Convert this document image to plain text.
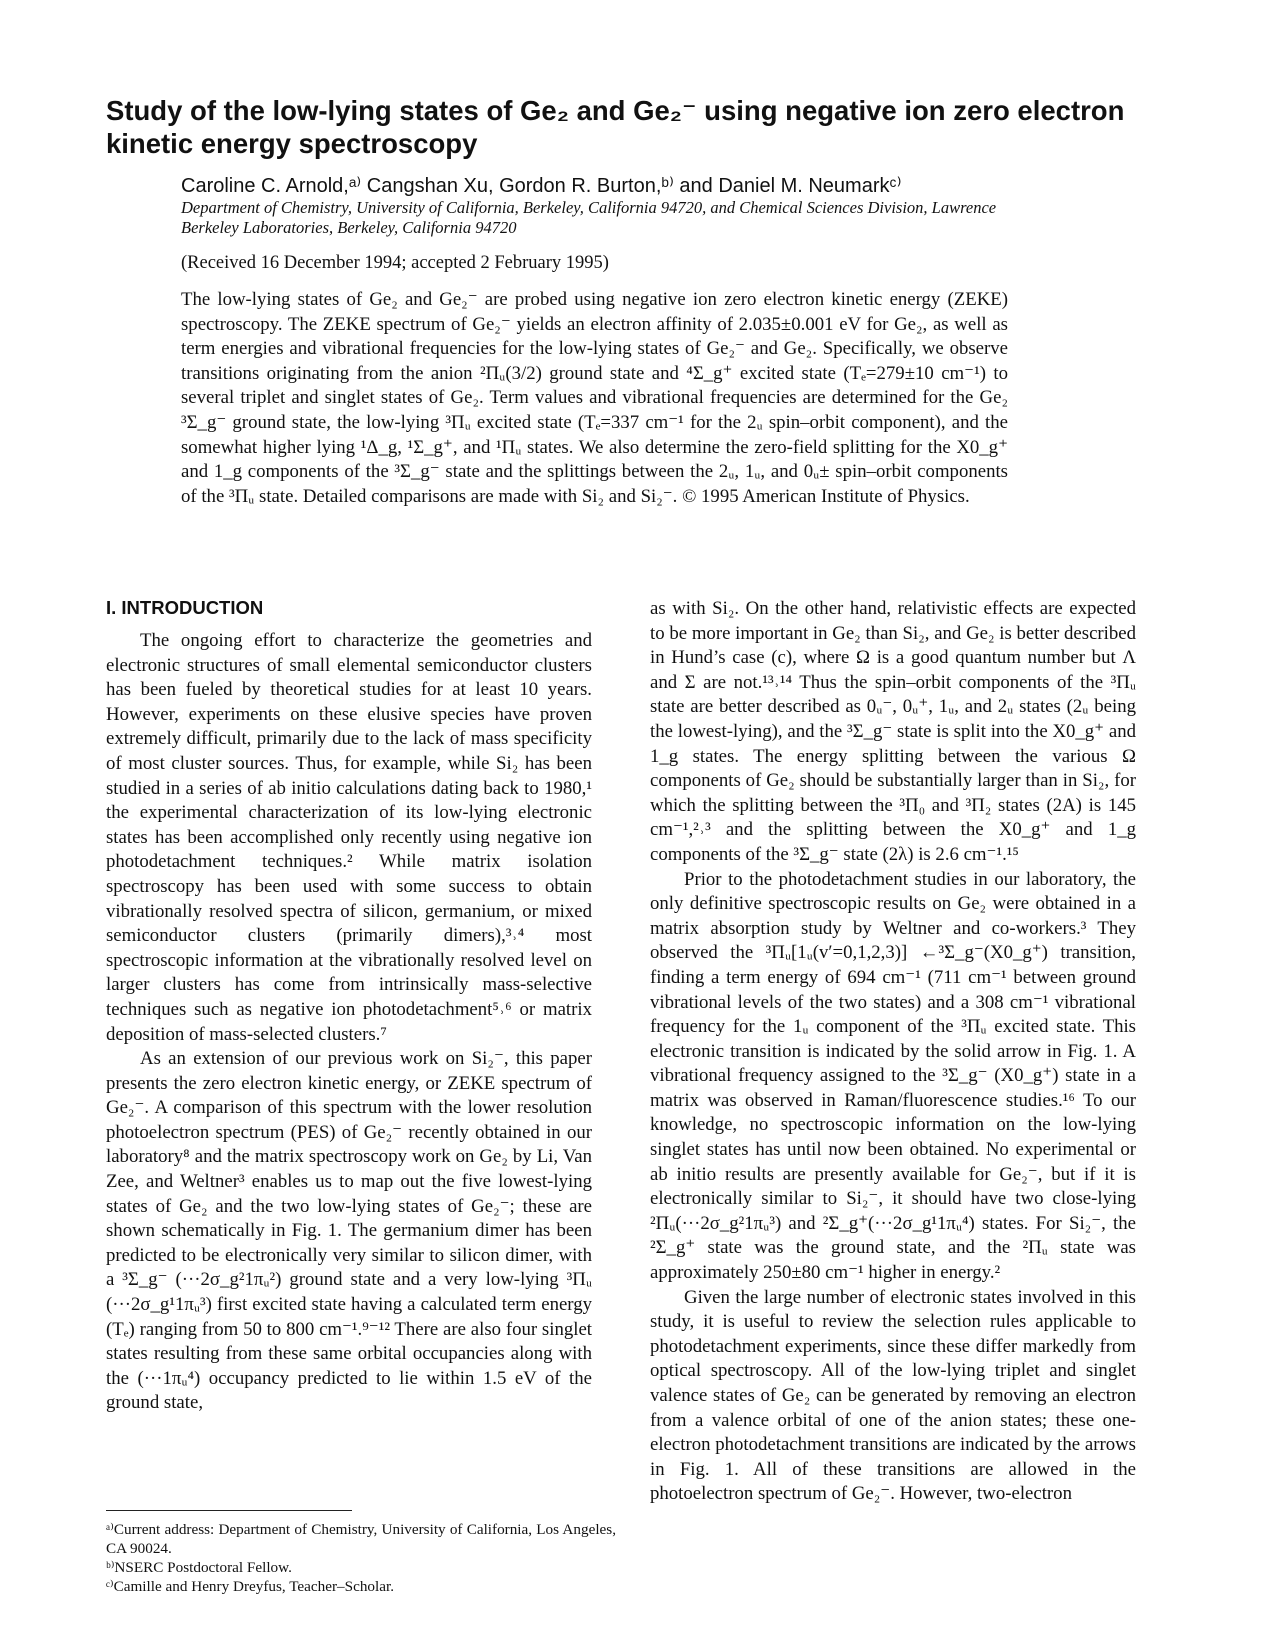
Study of the low-lying states of Ge₂ and Ge₂⁻ using negative ion zero electron kinetic energy spectroscopy
Caroline C. Arnold,ᵃ⁾ Cangshan Xu, Gordon R. Burton,ᵇ⁾ and Daniel M. Neumarkᶜ⁾
Department of Chemistry, University of California, Berkeley, California 94720, and Chemical Sciences Division, Lawrence Berkeley Laboratories, Berkeley, California 94720
(Received 16 December 1994; accepted 2 February 1995)

The low-lying states of Ge₂ and Ge₂⁻ are probed using negative ion zero electron kinetic energy (ZEKE) spectroscopy. The ZEKE spectrum of Ge₂⁻ yields an electron affinity of 2.035±0.001 eV for Ge₂, as well as term energies and vibrational frequencies for the low-lying states of Ge₂⁻ and Ge₂. Specifically, we observe transitions originating from the anion ²Πᵤ(3/2) ground state and ⁴Σ_g⁺ excited state (Tₑ=279±10 cm⁻¹) to several triplet and singlet states of Ge₂. Term values and vibrational frequencies are determined for the Ge₂ ³Σ_g⁻ ground state, the low-lying ³Πᵤ excited state (Tₑ=337 cm⁻¹ for the 2ᵤ spin–orbit component), and the somewhat higher lying ¹Δ_g, ¹Σ_g⁺, and ¹Πᵤ states. We also determine the zero-field splitting for the X0_g⁺ and 1_g components of the ³Σ_g⁻ state and the splittings between the 2ᵤ, 1ᵤ, and 0ᵤ± spin–orbit components of the ³Πᵤ state. Detailed comparisons are made with Si₂ and Si₂⁻. © 1995 American Institute of Physics.

I. INTRODUCTION

The ongoing effort to characterize the geometries and electronic structures of small elemental semiconductor clusters has been fueled by theoretical studies for at least 10 years. However, experiments on these elusive species have proven extremely difficult, primarily due to the lack of mass specificity of most cluster sources. Thus, for example, while Si₂ has been studied in a series of ab initio calculations dating back to 1980,¹ the experimental characterization of its low-lying electronic states has been accomplished only recently using negative ion photodetachment techniques.² While matrix isolation spectroscopy has been used with some success to obtain vibrationally resolved spectra of silicon, germanium, or mixed semiconductor clusters (primarily dimers),³˒⁴ most spectroscopic information at the vibrationally resolved level on larger clusters has come from intrinsically mass-selective techniques such as negative ion photodetachment⁵˒⁶ or matrix deposition of mass-selected clusters.⁷

As an extension of our previous work on Si₂⁻, this paper presents the zero electron kinetic energy, or ZEKE spectrum of Ge₂⁻. A comparison of this spectrum with the lower resolution photoelectron spectrum (PES) of Ge₂⁻ recently obtained in our laboratory⁸ and the matrix spectroscopy work on Ge₂ by Li, Van Zee, and Weltner³ enables us to map out the five lowest-lying states of Ge₂ and the two low-lying states of Ge₂⁻; these are shown schematically in Fig. 1. The germanium dimer has been predicted to be electronically very similar to silicon dimer, with a ³Σ_g⁻ (···2σ_g²1πᵤ²) ground state and a very low-lying ³Πᵤ (···2σ_g¹1πᵤ³) first excited state having a calculated term energy (Tₑ) ranging from 50 to 800 cm⁻¹.⁹⁻¹² There are also four singlet states resulting from these same orbital occupancies along with the (···1πᵤ⁴) occupancy predicted to lie within 1.5 eV of the ground state,

as with Si₂. On the other hand, relativistic effects are expected to be more important in Ge₂ than Si₂, and Ge₂ is better described in Hund’s case (c), where Ω is a good quantum number but Λ and Σ are not.¹³˒¹⁴ Thus the spin–orbit components of the ³Πᵤ state are better described as 0ᵤ⁻, 0ᵤ⁺, 1ᵤ, and 2ᵤ states (2ᵤ being the lowest-lying), and the ³Σ_g⁻ state is split into the X0_g⁺ and 1_g states. The energy splitting between the various Ω components of Ge₂ should be substantially larger than in Si₂, for which the splitting between the ³Π₀ and ³Π₂ states (2A) is 145 cm⁻¹,²˒³ and the splitting between the X0_g⁺ and 1_g components of the ³Σ_g⁻ state (2λ) is 2.6 cm⁻¹.¹⁵

Prior to the photodetachment studies in our laboratory, the only definitive spectroscopic results on Ge₂ were obtained in a matrix absorption study by Weltner and co-workers.³ They observed the ³Πᵤ[1ᵤ(v′=0,1,2,3)] ←³Σ_g⁻(X0_g⁺) transition, finding a term energy of 694 cm⁻¹ (711 cm⁻¹ between ground vibrational levels of the two states) and a 308 cm⁻¹ vibrational frequency for the 1ᵤ component of the ³Πᵤ excited state. This electronic transition is indicated by the solid arrow in Fig. 1. A vibrational frequency assigned to the ³Σ_g⁻ (X0_g⁺) state in a matrix was observed in Raman/fluorescence studies.¹⁶ To our knowledge, no spectroscopic information on the low-lying singlet states has until now been obtained. No experimental or ab initio results are presently available for Ge₂⁻, but if it is electronically similar to Si₂⁻, it should have two close-lying ²Πᵤ(···2σ_g²1πᵤ³) and ²Σ_g⁺(···2σ_g¹1πᵤ⁴) states. For Si₂⁻, the ²Σ_g⁺ state was the ground state, and the ²Πᵤ state was approximately 250±80 cm⁻¹ higher in energy.²

Given the large number of electronic states involved in this study, it is useful to review the selection rules applicable to photodetachment experiments, since these differ markedly from optical spectroscopy. All of the low-lying triplet and singlet valence states of Ge₂ can be generated by removing an electron from a valence orbital of one of the anion states; these one-electron photodetachment transitions are indicated by the arrows in Fig. 1. All of these transitions are allowed in the photoelectron spectrum of Ge₂⁻. However, two-electron

ᵃ⁾Current address: Department of Chemistry, University of California, Los Angeles, CA 90024.
ᵇ⁾NSERC Postdoctoral Fellow.
ᶜ⁾Camille and Henry Dreyfus, Teacher–Scholar.
